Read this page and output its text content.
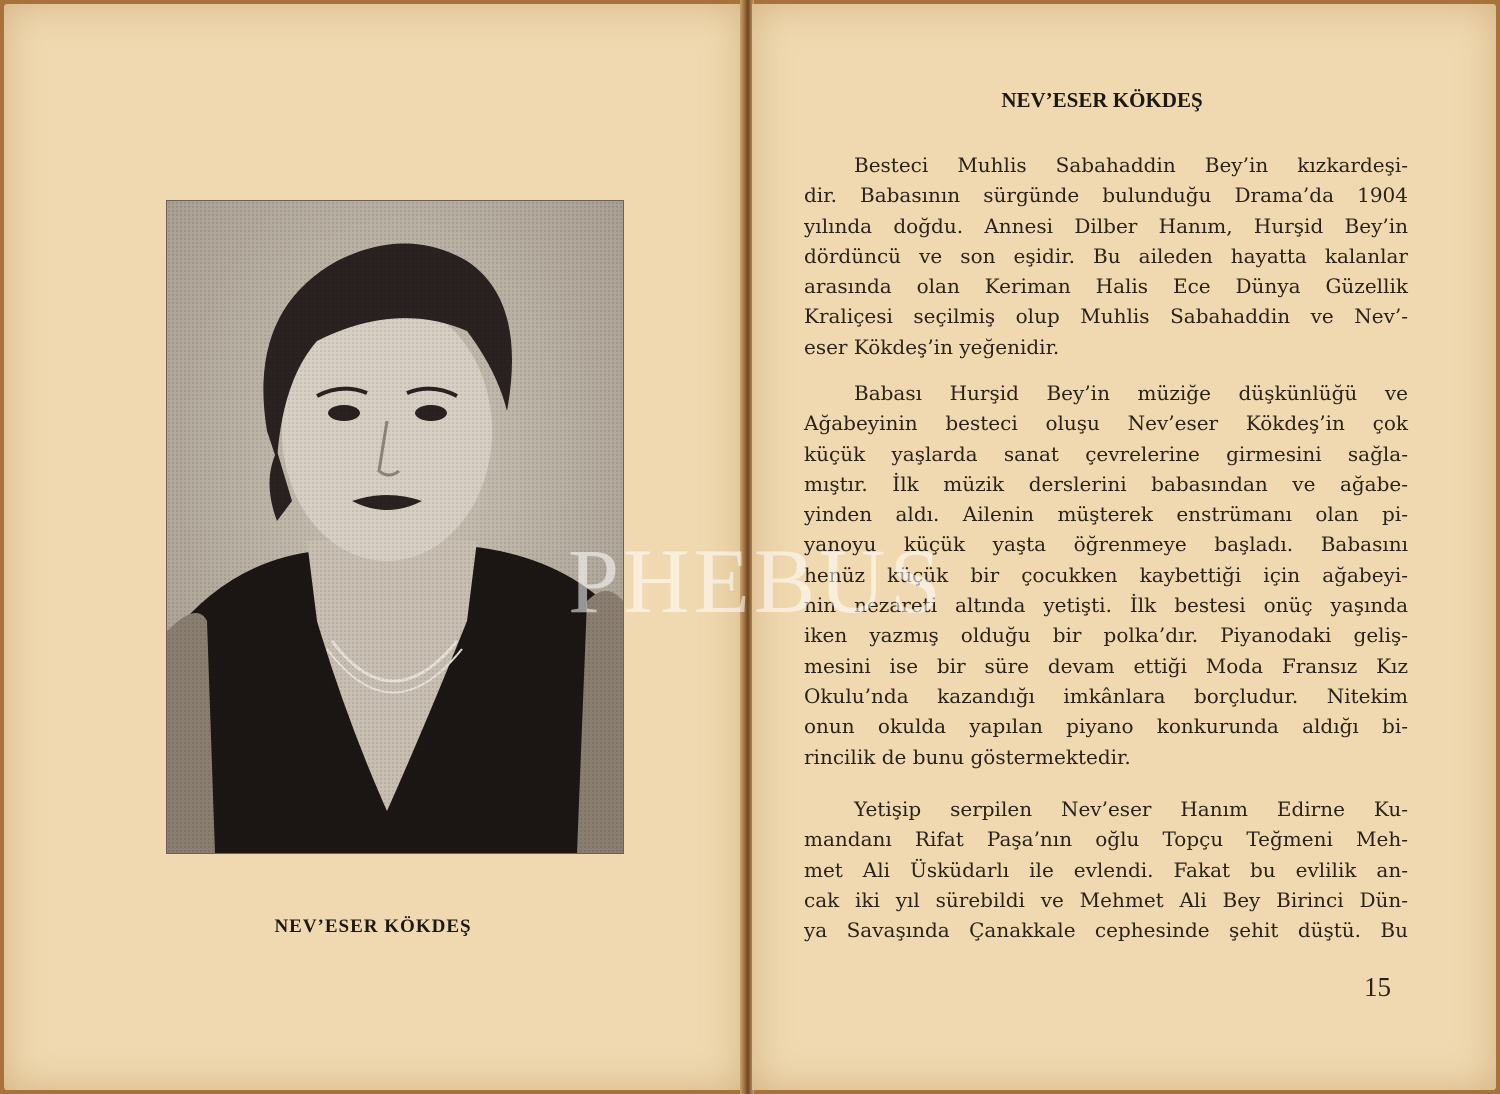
NEV’ESER KÖKDEŞ
NEV’ESER KÖKDEŞ
Besteci Muhlis Sabahaddin Bey’in kızkardeşi-
dir. Babasının sürgünde bulunduğu Drama’da 1904
yılında doğdu. Annesi Dilber Hanım, Hurşid Bey’in
dördüncü ve son eşidir. Bu aileden hayatta kalanlar
arasında olan Keriman Halis Ece Dünya Güzellik
Kraliçesi seçilmiş olup Muhlis Sabahaddin ve Nev’-
eser Kökdeş’in yeğenidir.
Babası Hurşid Bey’in müziğe düşkünlüğü ve
Ağabeyinin besteci oluşu Nev’eser Kökdeş’in çok
küçük yaşlarda sanat çevrelerine girmesini sağla-
mıştır. İlk müzik derslerini babasından ve ağabe-
yinden aldı. Ailenin müşterek enstrümanı olan pi-
yanoyu küçük yaşta öğrenmeye başladı. Babasını
henüz küçük bir çocukken kaybettiği için ağabeyi-
nin nezareti altında yetişti. İlk bestesi onüç yaşında
iken yazmış olduğu bir polka’dır. Piyanodaki geliş-
mesini ise bir süre devam ettiği Moda Fransız Kız
Okulu’nda kazandığı imkânlara borçludur. Nitekim
onun okulda yapılan piyano konkurunda aldığı bi-
rincilik de bunu göstermektedir.
Yetişip serpilen Nev’eser Hanım Edirne Ku-
mandanı Rifat Paşa’nın oğlu Topçu Teğmeni Meh-
met Ali Üsküdarlı ile evlendi. Fakat bu evlilik an-
cak iki yıl sürebildi ve Mehmet Ali Bey Birinci Dün-
ya Savaşında Çanakkale cephesinde şehit düştü. Bu
15
PHEBUS
